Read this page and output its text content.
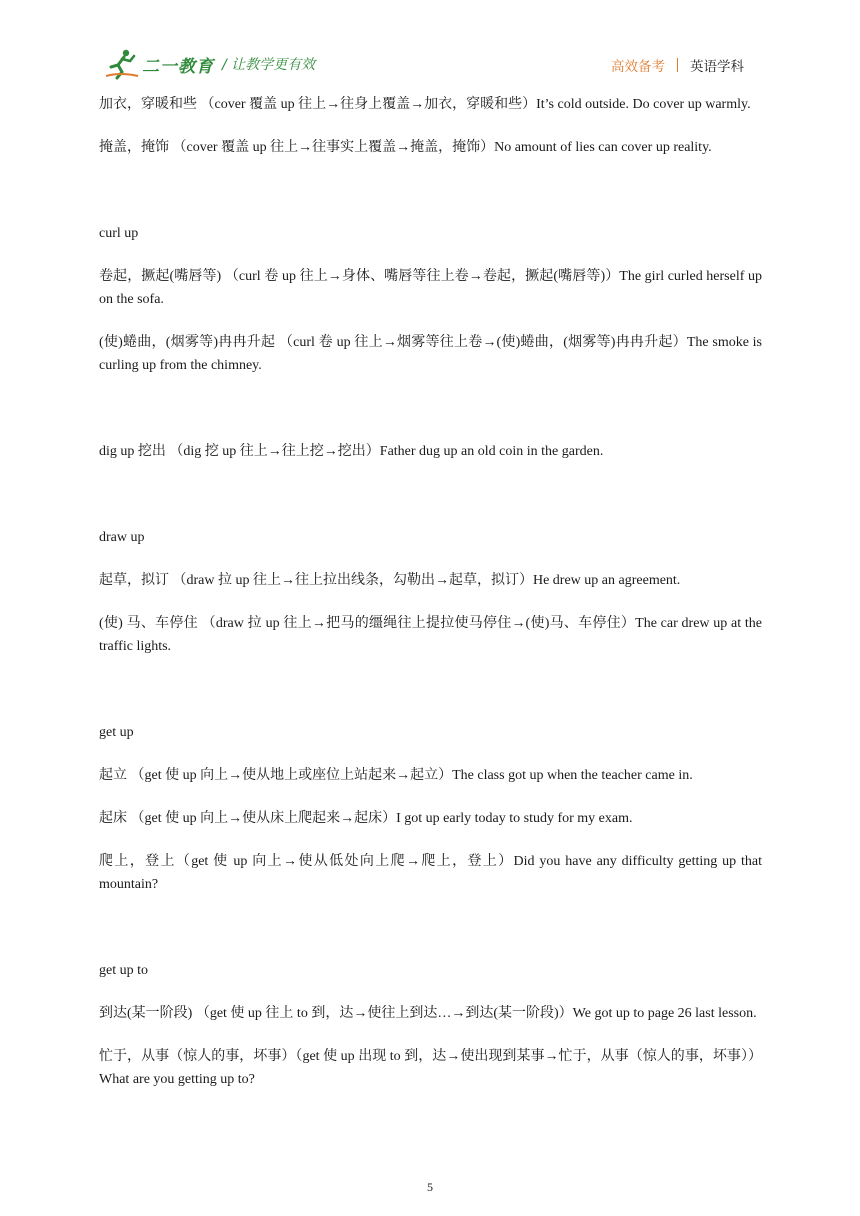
二一教育 / 让教学更有效	高效备考 英语学科

加衣，穿暖和些 （cover 覆盖 up 往上→往身上覆盖→加衣，穿暖和些）It’s cold outside. Do cover up warmly.

掩盖，掩饰 （cover 覆盖 up 往上→往事实上覆盖→掩盖，掩饰）No amount of lies can cover up reality.

curl up

卷起，撅起(嘴唇等) （curl 卷 up 往上→身体、嘴唇等往上卷→卷起，撅起(嘴唇等)）The girl curled herself up on the sofa.

(使)蜷曲，(烟雾等)冉冉升起 （curl 卷 up 往上→烟雾等往上卷→(使)蜷曲，(烟雾等)冉冉升起）The smoke is curling up from the chimney.

dig up 挖出 （dig 挖 up 往上→往上挖→挖出）Father dug up an old coin in the garden.

draw up

起草，拟订 （draw 拉 up 往上→往上拉出线条，勾勒出→起草，拟订）He drew up an agreement.

(使) 马、车停住 （draw 拉 up 往上→把马的缰绳往上提拉使马停住→(使)马、车停住）The car drew up at the traffic lights.

get up

起立 （get 使 up 向上→使从地上或座位上站起来→起立）The class got up when the teacher came in.

起床 （get 使 up 向上→使从床上爬起来→起床）I got up early today to study for my exam.

爬上，登上（get 使 up 向上→使从低处向上爬→爬上，登上）Did you have any difficulty getting up that mountain?

get up to

到达(某一阶段) （get 使 up 往上 to 到，达→使往上到达…→到达(某一阶段)）We got up to page 26 last lesson.

忙于，从事（惊人的事，坏事）（get 使 up 出现 to 到，达→使出现到某事→忙于，从事（惊人的事，坏事））What are you getting up to?

5
